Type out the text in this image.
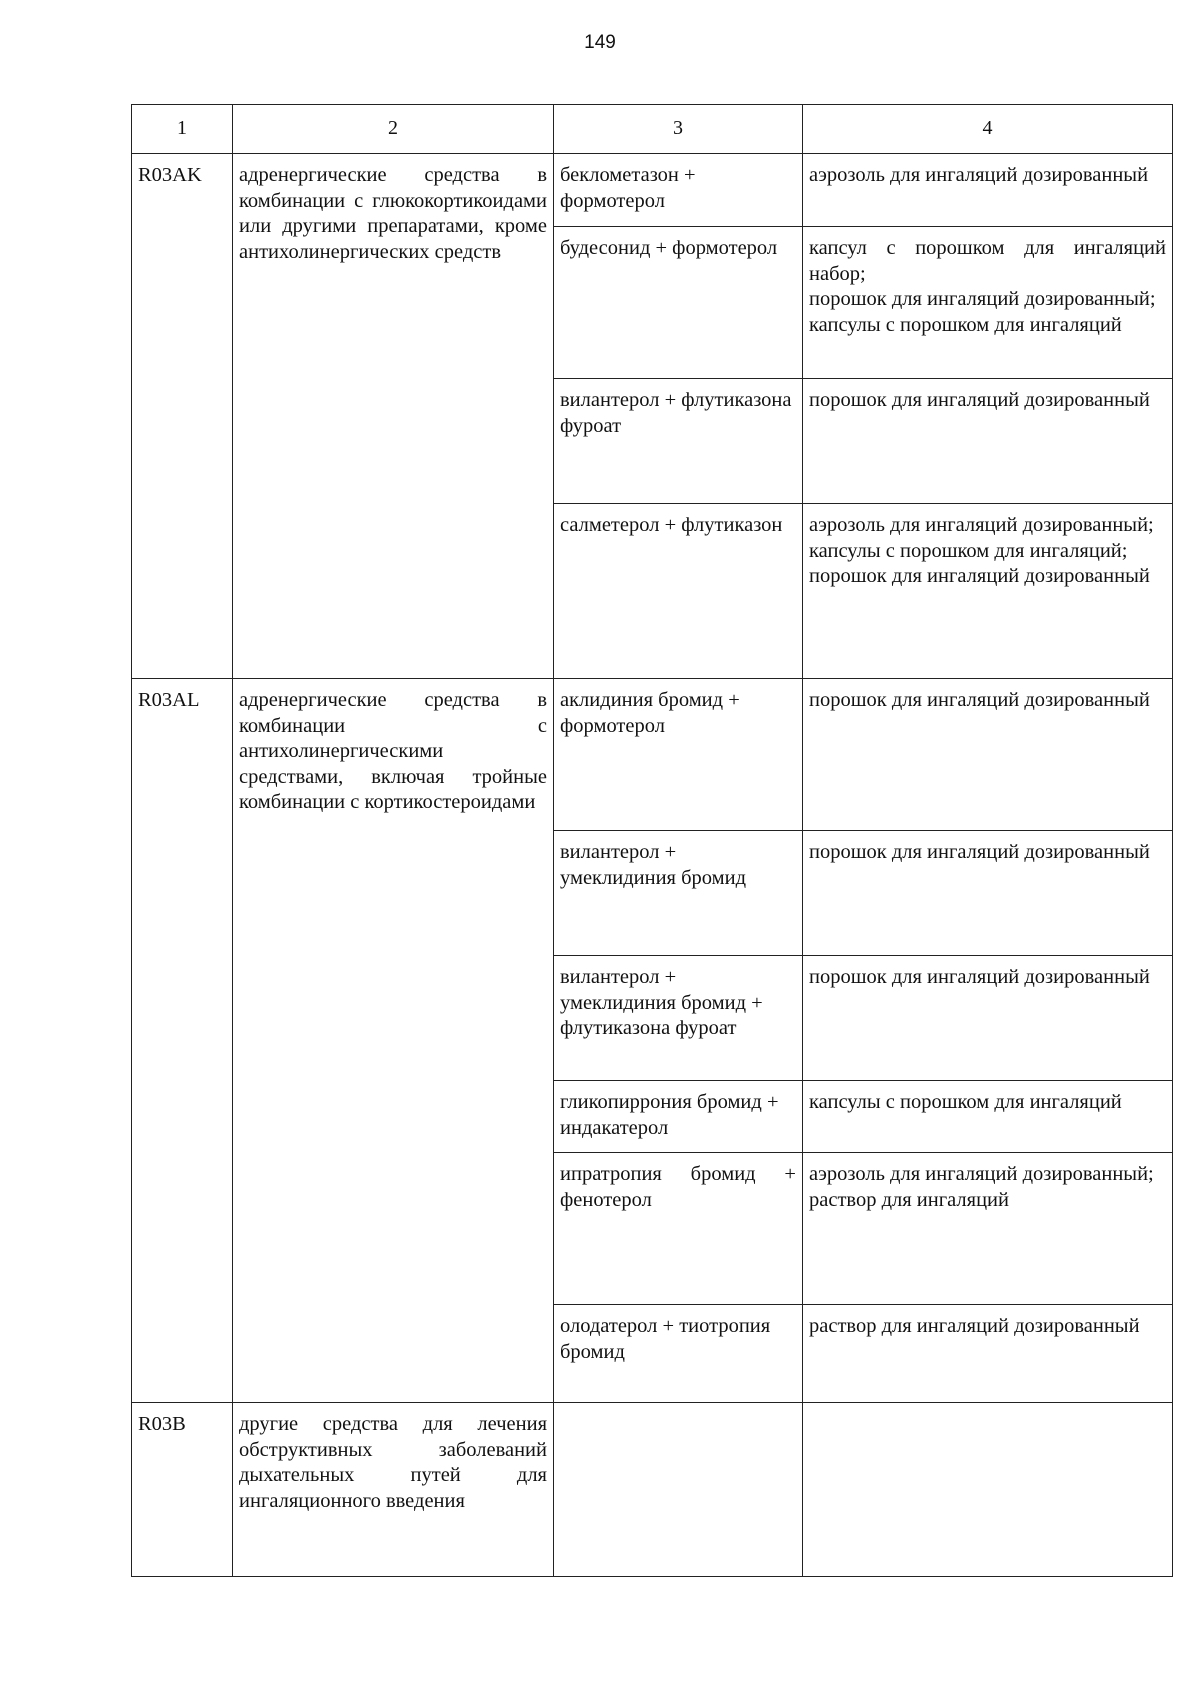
149
1	2	3	4
R03AK	адренергические средства в комбинации с глюкокортикоидами или другими препаратами, кроме антихолинергических средств	беклометазон + формотерол	аэрозоль для ингаляций дозированный

		будесонид + формотерол	капсул с порошком для ингаляций набор;
порошок для ингаляций дозированный;
капсулы с порошком для ингаляций

		вилантерол + флутиказона фуроат	порошок для ингаляций дозированный

		салметерол + флутиказон	аэрозоль для ингаляций дозированный;
капсулы с порошком для ингаляций;
порошок для ингаляций дозированный

R03AL	адренергические средства в комбинации с антихолинергическими средствами, включая тройные комбинации с кортикостероидами	аклидиния бромид + формотерол	порошок для ингаляций дозированный

		вилантерол + умеклидиния бромид	порошок для ингаляций дозированный

		вилантерол + умеклидиния бромид + флутиказона фуроат	порошок для ингаляций дозированный

		гликопиррония бромид + индакатерол	капсулы с порошком для ингаляций

		ипратропия бромид + фенотерол	аэрозоль для ингаляций дозированный;
раствор для ингаляций

		олодатерол + тиотропия бромид	раствор для ингаляций дозированный

R03B	другие средства для лечения обструктивных заболеваний дыхательных путей для ингаляционного введения		
